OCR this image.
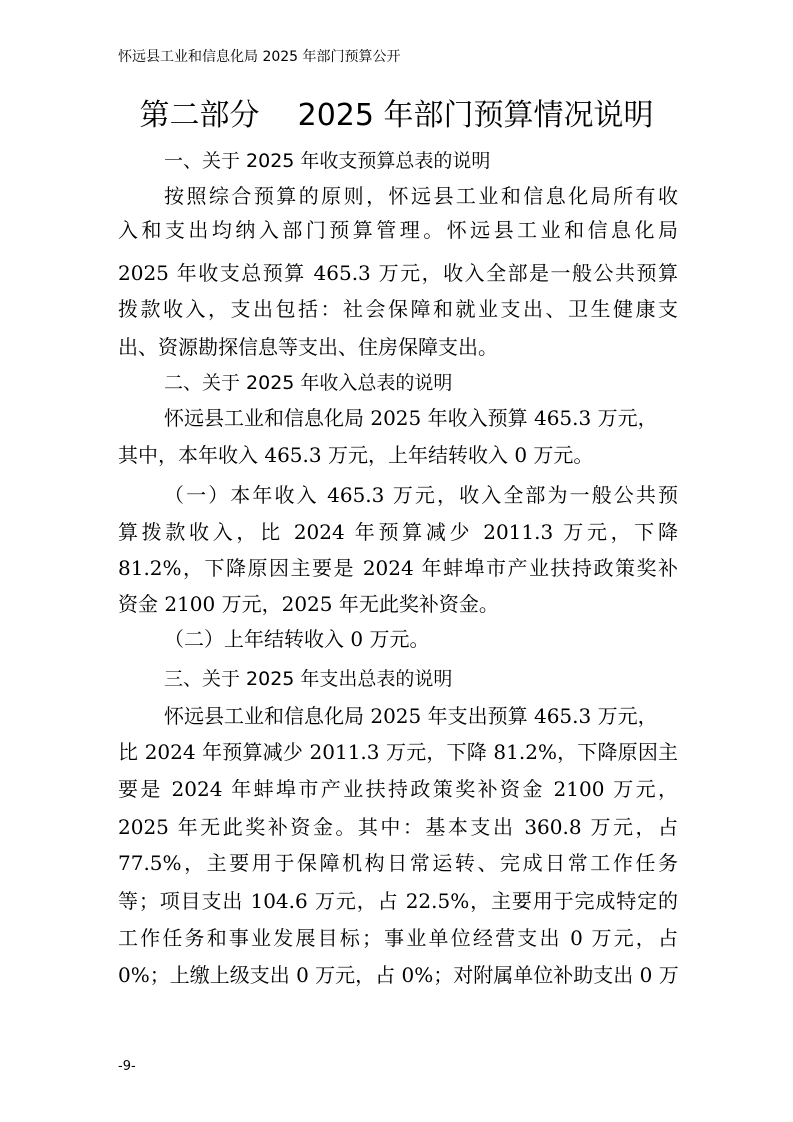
怀远县工业和信息化局 2025 年部门预算公开
第二部分    2025 年部门预算情况说明
一、关于 2025 年收支预算总表的说明
按照综合预算的原则，怀远县工业和信息化局所有收
入和支出均纳入部门预算管理。怀远县工业和信息化局
2025 年收支总预算 465.3 万元，收入全部是一般公共预算
拨款收入，支出包括：社会保障和就业支出、卫生健康支
出、资源勘探信息等支出、住房保障支出。
二、关于 2025 年收入总表的说明
怀远县工业和信息化局 2025 年收入预算 465.3 万元，
其中，本年收入 465.3 万元，上年结转收入 0 万元。
（一）本年收入 465.3 万元，收入全部为一般公共预
算拨款收入，比 2024 年预算减少 2011.3 万元，下降
81.2%，下降原因主要是 2024 年蚌埠市产业扶持政策奖补
资金 2100 万元，2025 年无此奖补资金。
（二）上年结转收入 0 万元。
三、关于 2025 年支出总表的说明
怀远县工业和信息化局 2025 年支出预算 465.3 万元，
比 2024 年预算减少 2011.3 万元，下降 81.2%，下降原因主
要是 2024 年蚌埠市产业扶持政策奖补资金 2100 万元，
2025 年无此奖补资金。其中：基本支出 360.8 万元，占
77.5%，主要用于保障机构日常运转、完成日常工作任务
等；项目支出 104.6 万元，占 22.5%，主要用于完成特定的
工作任务和事业发展目标；事业单位经营支出 0 万元，占
0%；上缴上级支出 0 万元，占 0%；对附属单位补助支出 0 万
-9-
